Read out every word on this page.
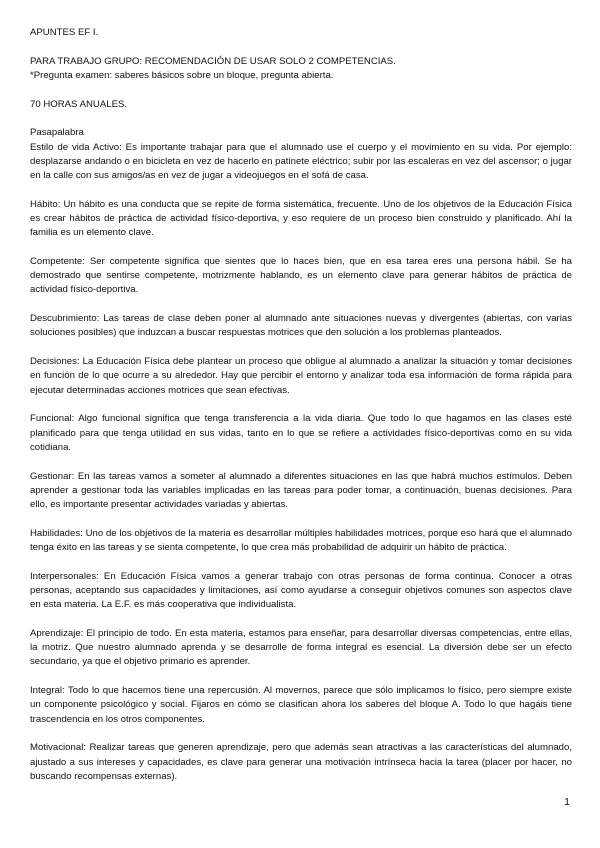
APUNTES EF I.

PARA TRABAJO GRUPO: RECOMENDACIÓN DE USAR SOLO 2 COMPETENCIAS.

*Pregunta examen: saberes básicos sobre un bloque, pregunta abierta.

70 HORAS ANUALES.

Pasapalabra

Estilo de vida Activo: Es importante trabajar para que el alumnado use el cuerpo y el movimiento en su vida. Por ejemplo: desplazarse andando o en bicicleta en vez de hacerlo en patinete eléctrico; subir por las escaleras en vez del ascensor; o jugar en la calle con sus amigos/as en vez de jugar a videojuegos en el sofá de casa.

Hábito: Un hábito es una conducta que se repite de forma sistemática, frecuente. Uno de los objetivos de la Educación Física es crear hábitos de práctica de actividad físico-deportiva, y eso requiere de un proceso bien construido y planificado. Ahí la familia es un elemento clave.

Competente: Ser competente significa que sientes que lo haces bien, que en esa tarea eres una persona hábil. Se ha demostrado que sentirse competente, motrizmente hablando, es un elemento clave para generar hábitos de práctica de actividad físico-deportiva.

Descubrimiento: Las tareas de clase deben poner al alumnado ante situaciones nuevas y divergentes (abiertas, con varias soluciones posibles) que induzcan a buscar respuestas motrices que den solución a los problemas planteados.

Decisiones: La Educación Física debe plantear un proceso que obligue al alumnado a analizar la situación y tomar decisiones en función de lo que ocurre a su alrededor. Hay que percibir el entorno y analizar toda esa información de forma rápida para ejecutar determinadas acciones motrices que sean efectivas.

Funcional: Algo funcional significa que tenga transferencia a la vida diaria. Que todo lo que hagamos en las clases esté planificado para que tenga utilidad en sus vidas, tanto en lo que se refiere a actividades físico-deportivas como en su vida cotidiana.

Gestionar: En las tareas vamos a someter al alumnado a diferentes situaciones en las que habrá muchos estímulos. Deben aprender a gestionar toda las variables implicadas en las tareas para poder tomar, a continuación, buenas decisiones. Para ello, es importante presentar actividades variadas y abiertas.

Habilidades: Uno de los objetivos de la materia es desarrollar múltiples habilidades motrices, porque eso hará que el alumnado tenga éxito en las tareas y se sienta competente, lo que crea más probabilidad de adquirir un hábito de práctica.

Interpersonales: En Educación Física vamos a generar trabajo con otras personas de forma continua. Conocer a otras personas, aceptando sus capacidades y limitaciones, así como ayudarse a conseguir objetivos comunes son aspectos clave en esta materia. La E.F. es más cooperativa que individualista.

Aprendizaje: El principio de todo. En esta materia, estamos para enseñar, para desarrollar diversas competencias, entre ellas, la motriz. Que nuestro alumnado aprenda y se desarrolle de forma integral es esencial. La diversión debe ser un efecto secundario, ya que el objetivo primario es aprender.

Integral: Todo lo que hacemos tiene una repercusión. Al movernos, parece que sólo implicamos lo físico, pero siempre existe un componente psicológico y social. Fijaros en cómo se clasifican ahora los saberes del bloque A. Todo lo que hagáis tiene trascendencia en los otros componentes.

Motivacional: Realizar tareas que generen aprendizaje, pero que además sean atractivas a las características del alumnado, ajustado a sus intereses y capacidades, es clave para generar una motivación intrínseca hacia la tarea (placer por hacer, no buscando recompensas externas).

1
